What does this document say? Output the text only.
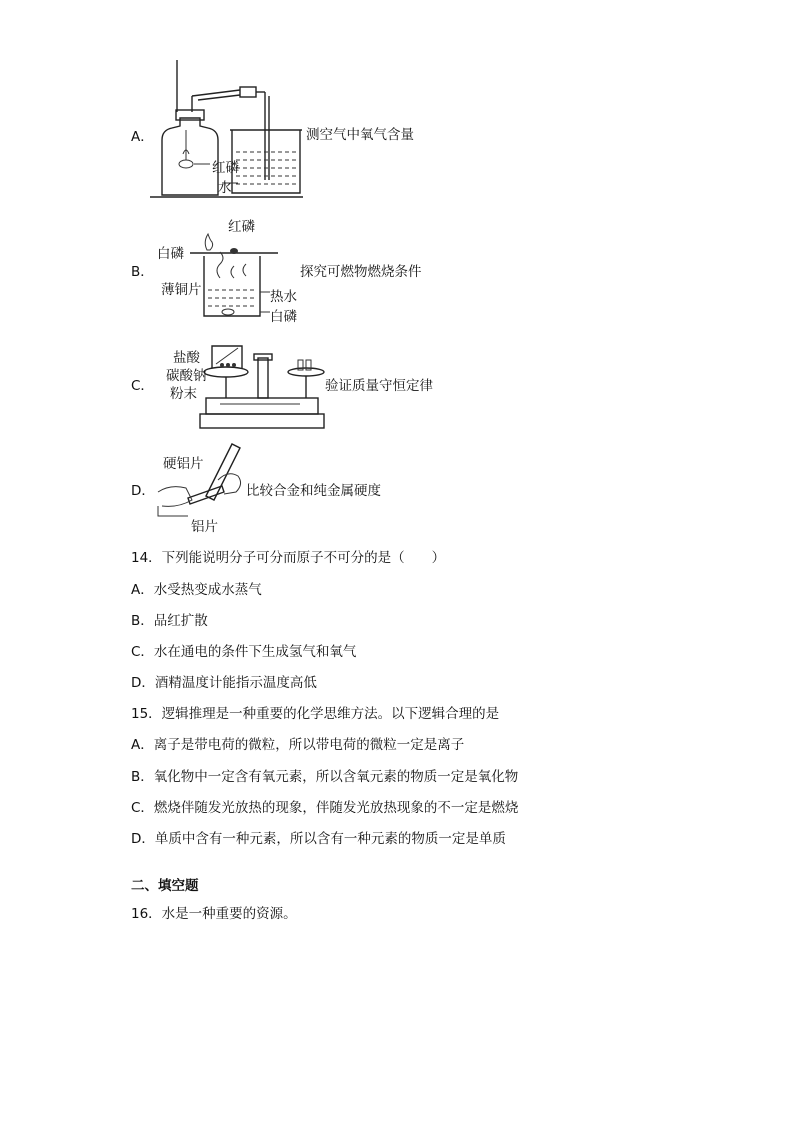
A．
红磷
水
测空气中氧气含量
B．
红磷
白磷
薄铜片	热水
白磷
探究可燃物燃烧条件
C．
盐酸
碳酸钠
粉末	验证质量守恒定律
D．
硬铝片
铝片
比较合金和纯金属硬度
14．下列能说明分子可分而原子不可分的是（　　）
A．水受热变成水蒸气
B．品红扩散
C．水在通电的条件下生成氢气和氧气
D．酒精温度计能指示温度高低
15．逻辑推理是一种重要的化学思维方法。以下逻辑合理的是
A．离子是带电荷的微粒，所以带电荷的微粒一定是离子
B．氧化物中一定含有氧元素，所以含氧元素的物质一定是氧化物
C．燃烧伴随发光放热的现象，伴随发光放热现象的不一定是燃烧
D．单质中含有一种元素，所以含有一种元素的物质一定是单质
二、填空题
16．水是一种重要的资源。
